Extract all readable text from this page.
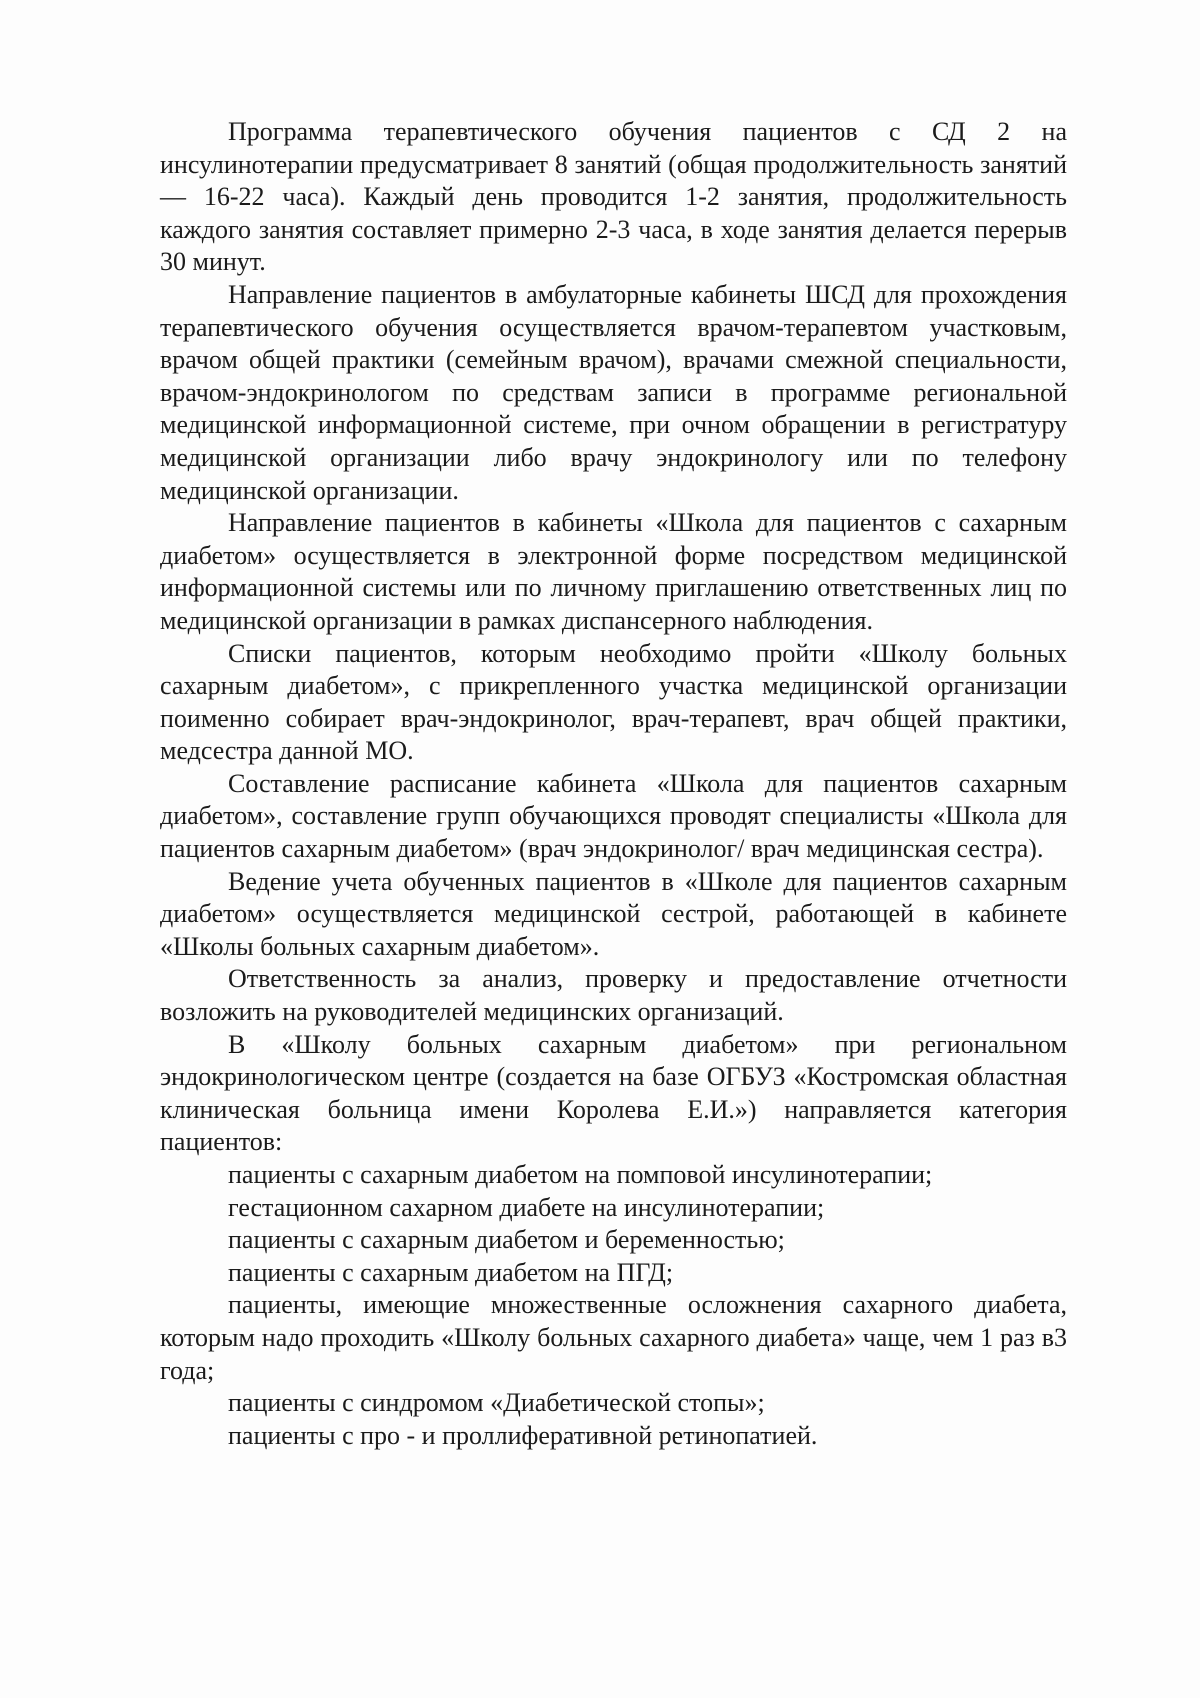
Программа терапевтического обучения пациентов с СД 2 на инсулинотерапии предусматривает 8 занятий (общая продолжительность занятий — 16-22 часа). Каждый день проводится 1-2 занятия, продолжительность каждого занятия составляет примерно 2-3 часа, в ходе занятия делается перерыв 30 минут.

Направление пациентов в амбулаторные кабинеты ШСД для прохождения терапевтического обучения осуществляется врачом-терапевтом участковым, врачом общей практики (семейным врачом), врачами смежной специальности, врачом-эндокринологом по средствам записи в программе региональной медицинской информационной системе, при очном обращении в регистратуру медицинской организации либо врачу эндокринологу или по телефону медицинской организации.

Направление пациентов в кабинеты «Школа для пациентов с сахарным диабетом» осуществляется в электронной форме посредством медицинской информационной системы или по личному приглашению ответственных лиц по медицинской организации в рамках диспансерного наблюдения.

Списки пациентов, которым необходимо пройти «Школу больных сахарным диабетом», с прикрепленного участка медицинской организации поименно собирает врач-эндокринолог, врач-терапевт, врач общей практики, медсестра данной МО.

Составление расписание кабинета «Школа для пациентов сахарным диабетом», составление групп обучающихся проводят специалисты «Школа для пациентов сахарным диабетом» (врач эндокринолог/ врач медицинская сестра).

Ведение учета обученных пациентов в «Школе для пациентов сахарным диабетом» осуществляется медицинской сестрой, работающей в кабинете «Школы больных сахарным диабетом».

Ответственность за анализ, проверку и предоставление отчетности возложить на руководителей медицинских организаций.

В «Школу больных сахарным диабетом» при региональном эндокринологическом центре (создается на базе ОГБУЗ «Костромская областная клиническая больница имени Королева Е.И.») направляется категория пациентов:

пациенты с сахарным диабетом на помповой инсулинотерапии;

гестационном сахарном диабете на инсулинотерапии;

пациенты с сахарным диабетом и беременностью;

пациенты с сахарным диабетом на ПГД;

пациенты, имеющие множественные осложнения сахарного диабета, которым надо проходить «Школу больных сахарного диабета» чаще, чем 1 раз в3 года;

пациенты с синдромом «Диабетической стопы»;

пациенты с про - и проллиферативной ретинопатией.
